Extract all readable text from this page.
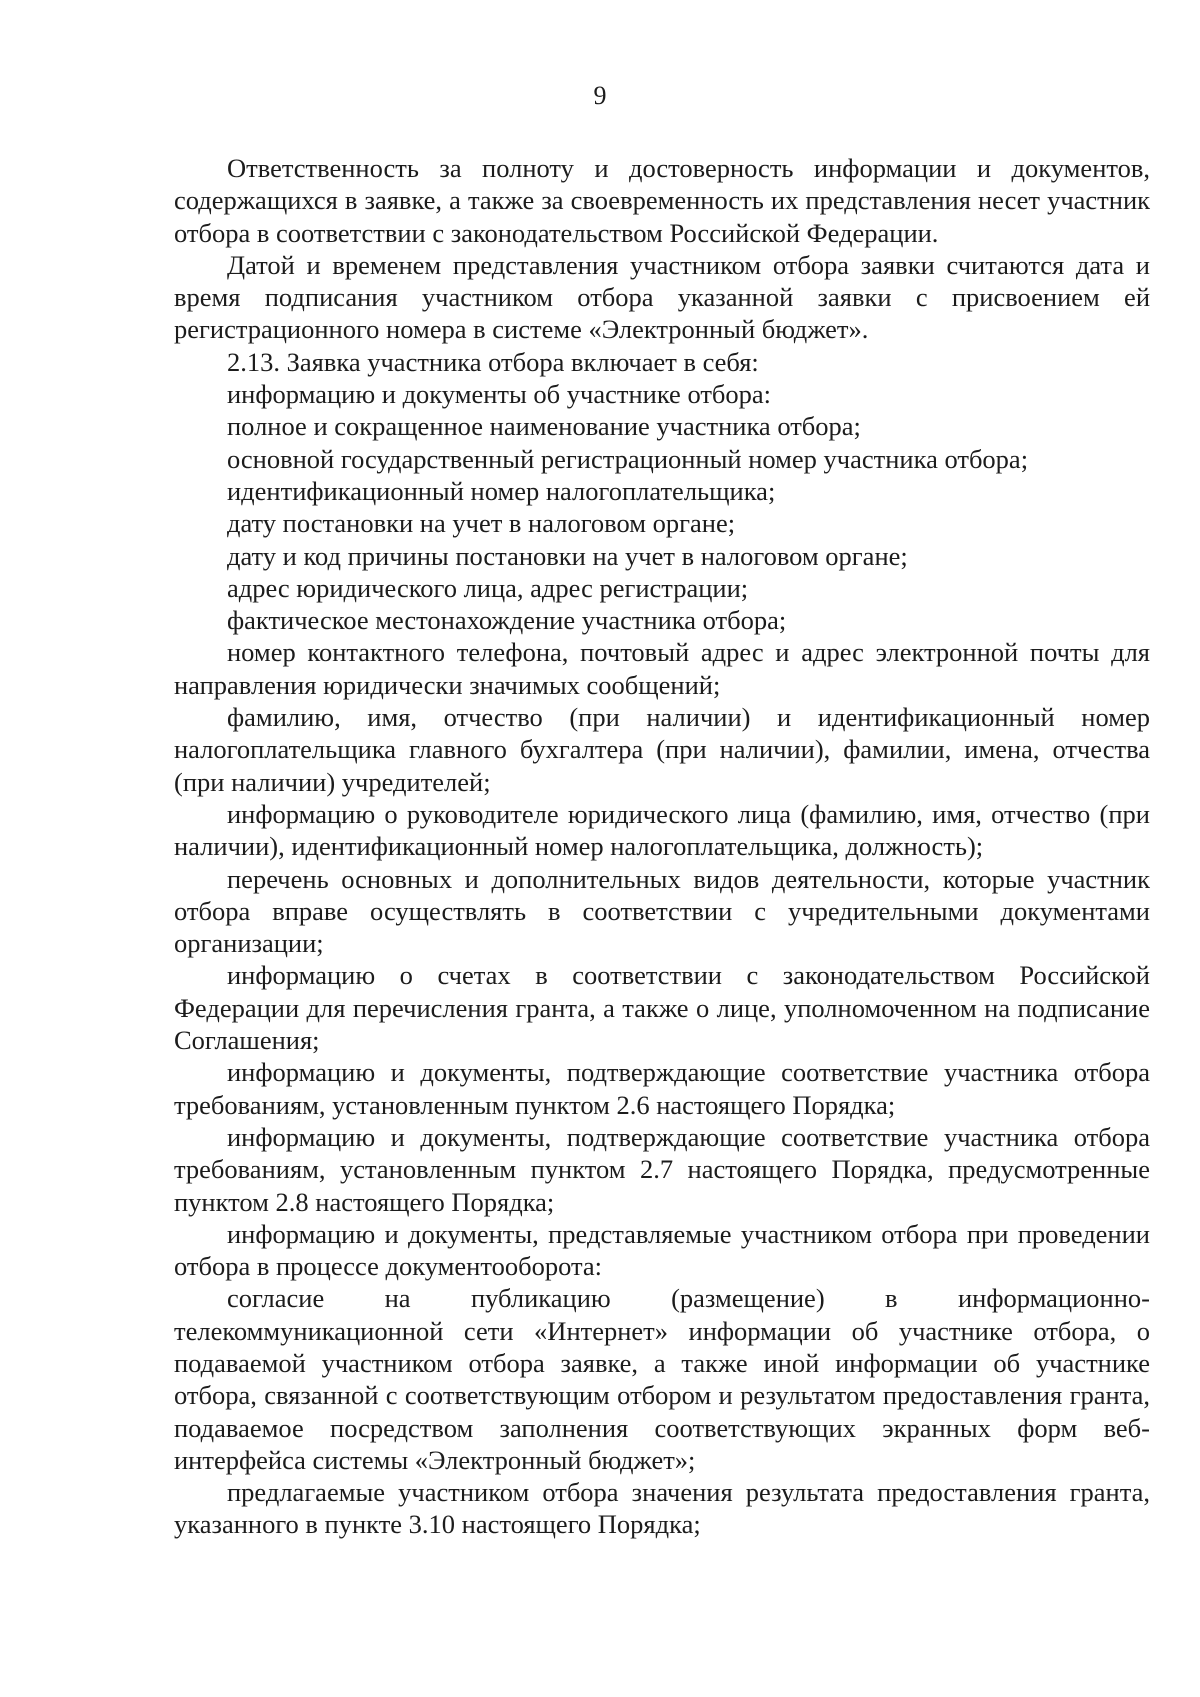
9

Ответственность за полноту и достоверность информации и документов, содержащихся в заявке, а также за своевременность их представления несет участник отбора в соответствии с законодательством Российской Федерации.

Датой и временем представления участником отбора заявки считаются дата и время подписания участником отбора указанной заявки с присвоением ей регистрационного номера в системе «Электронный бюджет».

2.13. Заявка участника отбора включает в себя:

информацию и документы об участнике отбора:

полное и сокращенное наименование участника отбора;

основной государственный регистрационный номер участника отбора;

идентификационный номер налогоплательщика;

дату постановки на учет в налоговом органе;

дату и код причины постановки на учет в налоговом органе;

адрес юридического лица, адрес регистрации;

фактическое местонахождение участника отбора;

номер контактного телефона, почтовый адрес и адрес электронной почты для направления юридически значимых сообщений;

фамилию, имя, отчество (при наличии) и идентификационный номер налогоплательщика главного бухгалтера (при наличии), фамилии, имена, отчества (при наличии) учредителей;

информацию о руководителе юридического лица (фамилию, имя, отчество (при наличии), идентификационный номер налогоплательщика, должность);

перечень основных и дополнительных видов деятельности, которые участник отбора вправе осуществлять в соответствии с учредительными документами организации;

информацию о счетах в соответствии с законодательством Российской Федерации для перечисления гранта, а также о лице, уполномоченном на подписание Соглашения;

информацию и документы, подтверждающие соответствие участника отбора требованиям, установленным пунктом 2.6 настоящего Порядка;

информацию и документы, подтверждающие соответствие участника отбора требованиям, установленным пунктом 2.7 настоящего Порядка, предусмотренные пунктом 2.8 настоящего Порядка;

информацию и документы, представляемые участником отбора при проведении отбора в процессе документооборота:

согласие на публикацию (размещение) в информационно-телекоммуникационной сети «Интернет» информации об участнике отбора, о подаваемой участником отбора заявке, а также иной информации об участнике отбора, связанной с соответствующим отбором и результатом предоставления гранта, подаваемое посредством заполнения соответствующих экранных форм веб-интерфейса системы «Электронный бюджет»;

предлагаемые участником отбора значения результата предоставления гранта, указанного в пункте 3.10 настоящего Порядка;
